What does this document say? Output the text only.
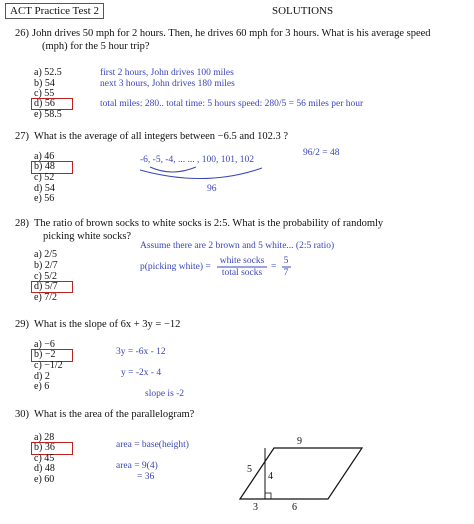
ACT Practice Test 2	SOLUTIONS
26) John drives 50 mph for 2 hours. Then, he drives 60 mph for 3 hours. What is his average speed
(mph) for the 5 hour trip?
a) 52.5
b) 54
c) 55
d) 56
e) 58.5
first 2 hours, John drives 100 miles
next 3 hours, John drives 180 miles
total miles: 280.. total time: 5 hours speed: 280/5 = 56 miles per hour
27) What is the average of all integers between −6.5 and 102.3 ?
a) 46
b) 48
c) 52
d) 54
e) 56
-6, -5, -4, ... ... , 100, 101, 102
96/2 = 48
96
28) The ratio of brown socks to white socks is 2:5. What is the probability of randomly
picking white socks?
Assume there are 2 brown and 5 white... (2:5 ratio)
a) 2/5
b) 2/7
c) 5/2
d) 5/7
e) 7/2
p(picking white) =
white socks
total socks
=
5
7
29) What is the slope of 6x + 3y = −12
a) −6
b) −2
c) −1/2
d) 2
e) 6
3y = -6x - 12
y = -2x - 4
slope is -2
30) What is the area of the parallelogram?
a) 28
b) 36
c) 45
d) 48
e) 60
area = base(height)
area = 9(4)
= 36
9
5
4
3	6
